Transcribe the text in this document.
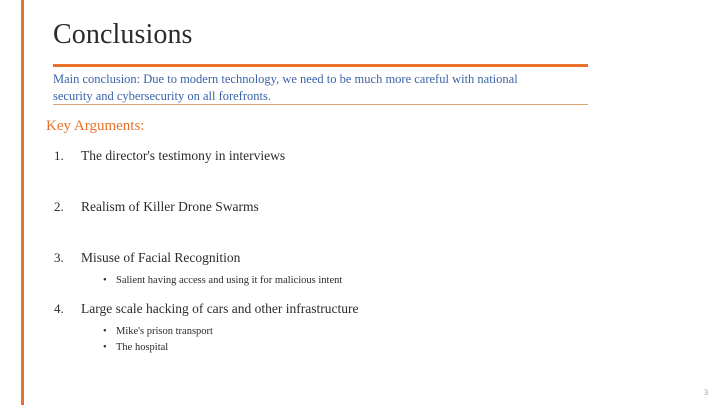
Conclusions
Main conclusion: Due to modern technology, we need to be much more careful with national security and cybersecurity on all forefronts.
Key Arguments:
1. The director's testimony in interviews
2. Realism of Killer Drone Swarms
3. Misuse of Facial Recognition
• Salient having access and using it for malicious intent
4. Large scale hacking of cars and other infrastructure
• Mike's prison transport
• The hospital
3
